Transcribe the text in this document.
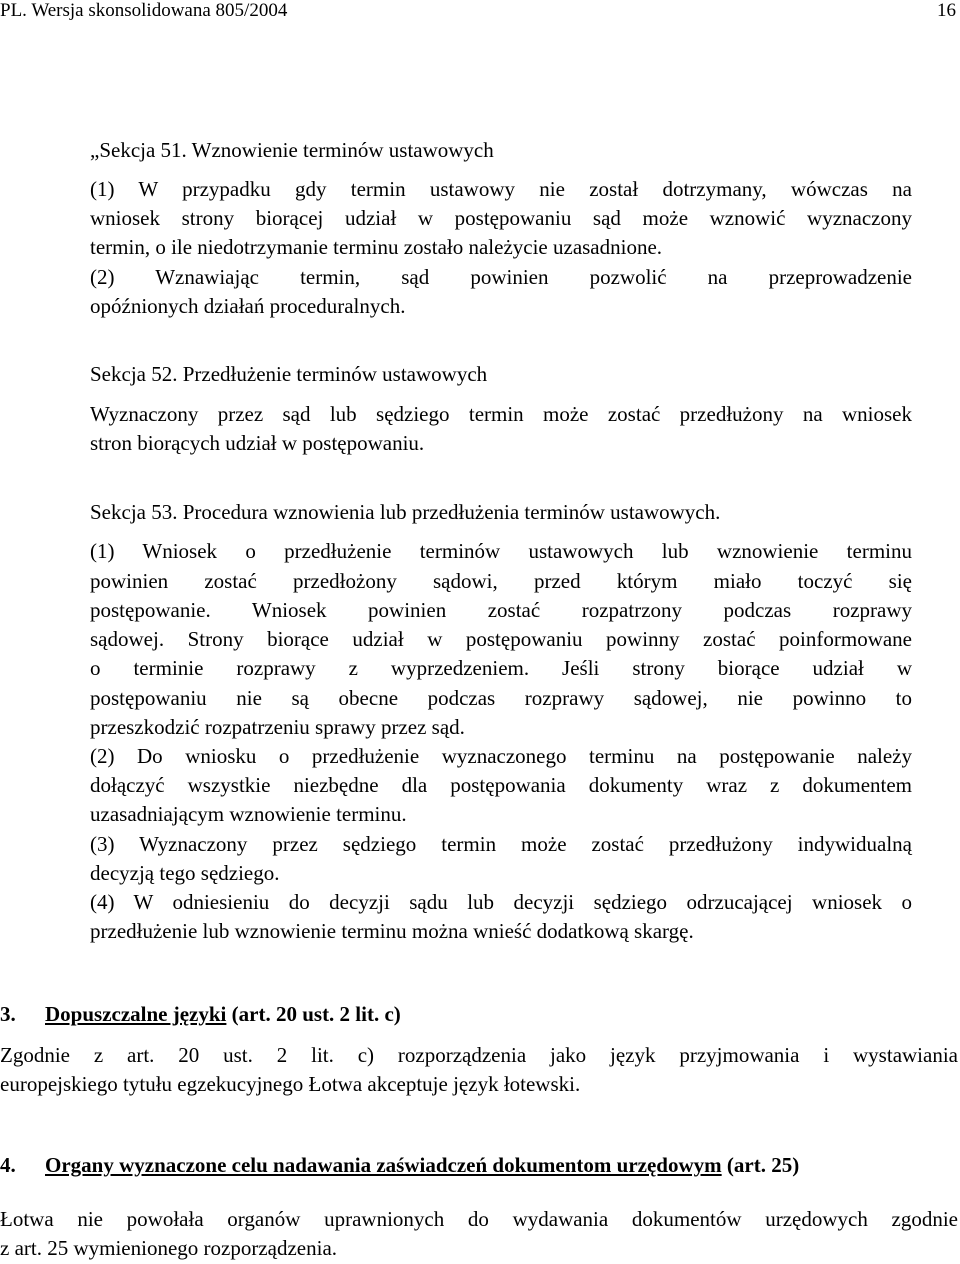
PL. Wersja skonsolidowana 805/2004	16

„Sekcja 51. Wznowienie terminów ustawowych

(1) W przypadku gdy termin ustawowy nie został dotrzymany, wówczas na

wniosek strony biorącej udział w postępowaniu sąd może wznowić wyznaczony

termin, o ile niedotrzymanie terminu zostało należycie uzasadnione.

(2) Wznawiając termin, sąd powinien pozwolić na przeprowadzenie

opóźnionych działań proceduralnych.

Sekcja 52. Przedłużenie terminów ustawowych

Wyznaczony przez sąd lub sędziego termin może zostać przedłużony na wniosek

stron biorących udział w postępowaniu.

Sekcja 53. Procedura wznowienia lub przedłużenia terminów ustawowych.

(1) Wniosek o przedłużenie terminów ustawowych lub wznowienie terminu

powinien zostać przedłożony sądowi, przed którym miało toczyć się

postępowanie. Wniosek powinien zostać rozpatrzony podczas rozprawy

sądowej. Strony biorące udział w postępowaniu powinny zostać poinformowane

o terminie rozprawy z wyprzedzeniem. Jeśli strony biorące udział w

postępowaniu nie są obecne podczas rozprawy sądowej, nie powinno to

przeszkodzić rozpatrzeniu sprawy przez sąd.

(2) Do wniosku o przedłużenie wyznaczonego terminu na postępowanie należy

dołączyć wszystkie niezbędne dla postępowania dokumenty wraz z dokumentem

uzasadniającym wznowienie terminu.

(3) Wyznaczony przez sędziego termin może zostać przedłużony indywidualną

decyzją tego sędziego.

(4) W odniesieniu do decyzji sądu lub decyzji sędziego odrzucającej wniosek o

przedłużenie lub wznowienie terminu można wnieść dodatkową skargę.

3. Dopuszczalne języki (art. 20 ust. 2 lit. c)

Zgodnie z art. 20 ust. 2 lit. c) rozporządzenia jako język przyjmowania i wystawiania

europejskiego tytułu egzekucyjnego Łotwa akceptuje język łotewski.

4. Organy wyznaczone celu nadawania zaświadczeń dokumentom urzędowym (art. 25)

Łotwa nie powołała organów uprawnionych do wydawania dokumentów urzędowych zgodnie

z art. 25 wymienionego rozporządzenia.
